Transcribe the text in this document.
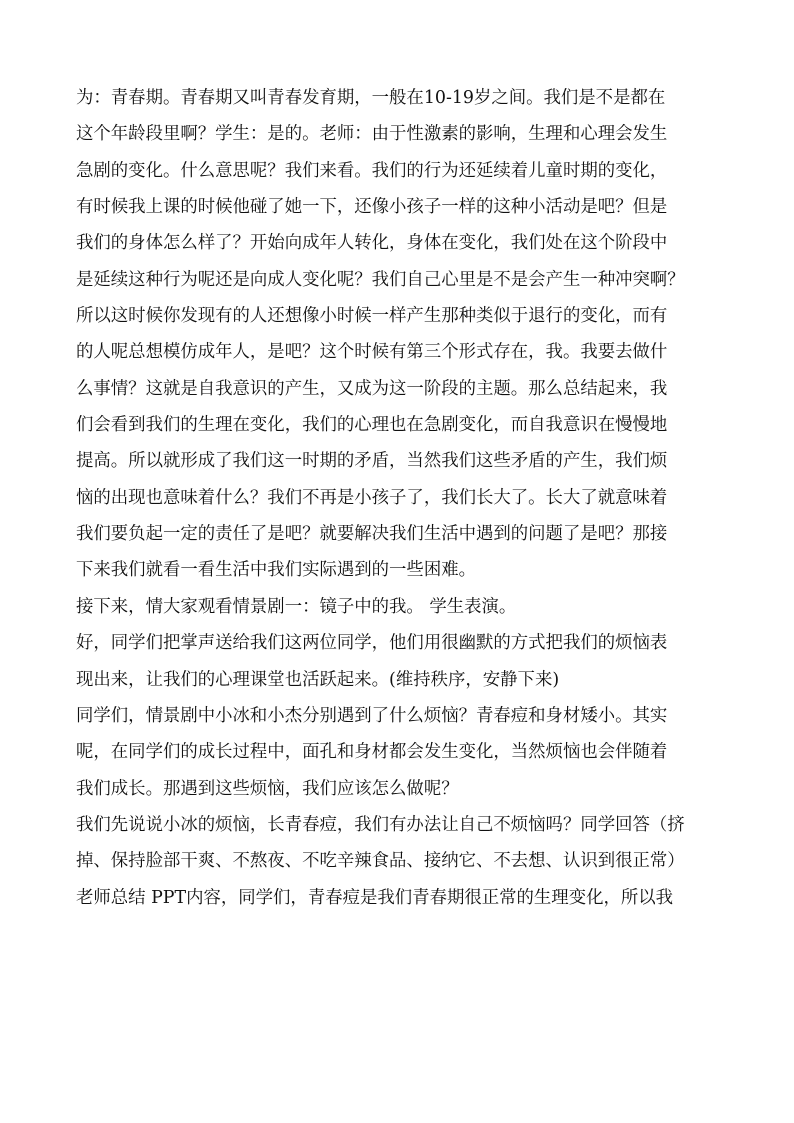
为：青春期。青春期又叫青春发育期，一般在10-19岁之间。我们是不是都在
这个年龄段里啊？学生：是的。老师：由于性激素的影响，生理和心理会发生
急剧的变化。什么意思呢？我们来看。我们的行为还延续着儿童时期的变化，
有时候我上课的时候他碰了她一下，还像小孩子一样的这种小活动是吧？但是
我们的身体怎么样了？开始向成年人转化，身体在变化，我们处在这个阶段中
是延续这种行为呢还是向成人变化呢？我们自己心里是不是会产生一种冲突啊？
所以这时候你发现有的人还想像小时候一样产生那种类似于退行的变化，而有
的人呢总想模仿成年人，是吧？这个时候有第三个形式存在，我。我要去做什
么事情？这就是自我意识的产生，又成为这一阶段的主题。那么总结起来，我
们会看到我们的生理在变化，我们的心理也在急剧变化，而自我意识在慢慢地
提高。所以就形成了我们这一时期的矛盾，当然我们这些矛盾的产生，我们烦
恼的出现也意味着什么？我们不再是小孩子了，我们长大了。长大了就意味着
我们要负起一定的责任了是吧？就要解决我们生活中遇到的问题了是吧？那接
下来我们就看一看生活中我们实际遇到的一些困难。
接下来，情大家观看情景剧一：镜子中的我。 学生表演。
好，同学们把掌声送给我们这两位同学，他们用很幽默的方式把我们的烦恼表
现出来，让我们的心理课堂也活跃起来。(维持秩序，安静下来)
同学们，情景剧中小冰和小杰分别遇到了什么烦恼？青春痘和身材矮小。其实
呢，在同学们的成长过程中，面孔和身材都会发生变化，当然烦恼也会伴随着
我们成长。那遇到这些烦恼，我们应该怎么做呢？
我们先说说小冰的烦恼，长青春痘，我们有办法让自己不烦恼吗？同学回答（挤
掉、保持脸部干爽、不熬夜、不吃辛辣食品、接纳它、不去想、认识到很正常）
老师总结 PPT内容，同学们，青春痘是我们青春期很正常的生理变化，所以我
